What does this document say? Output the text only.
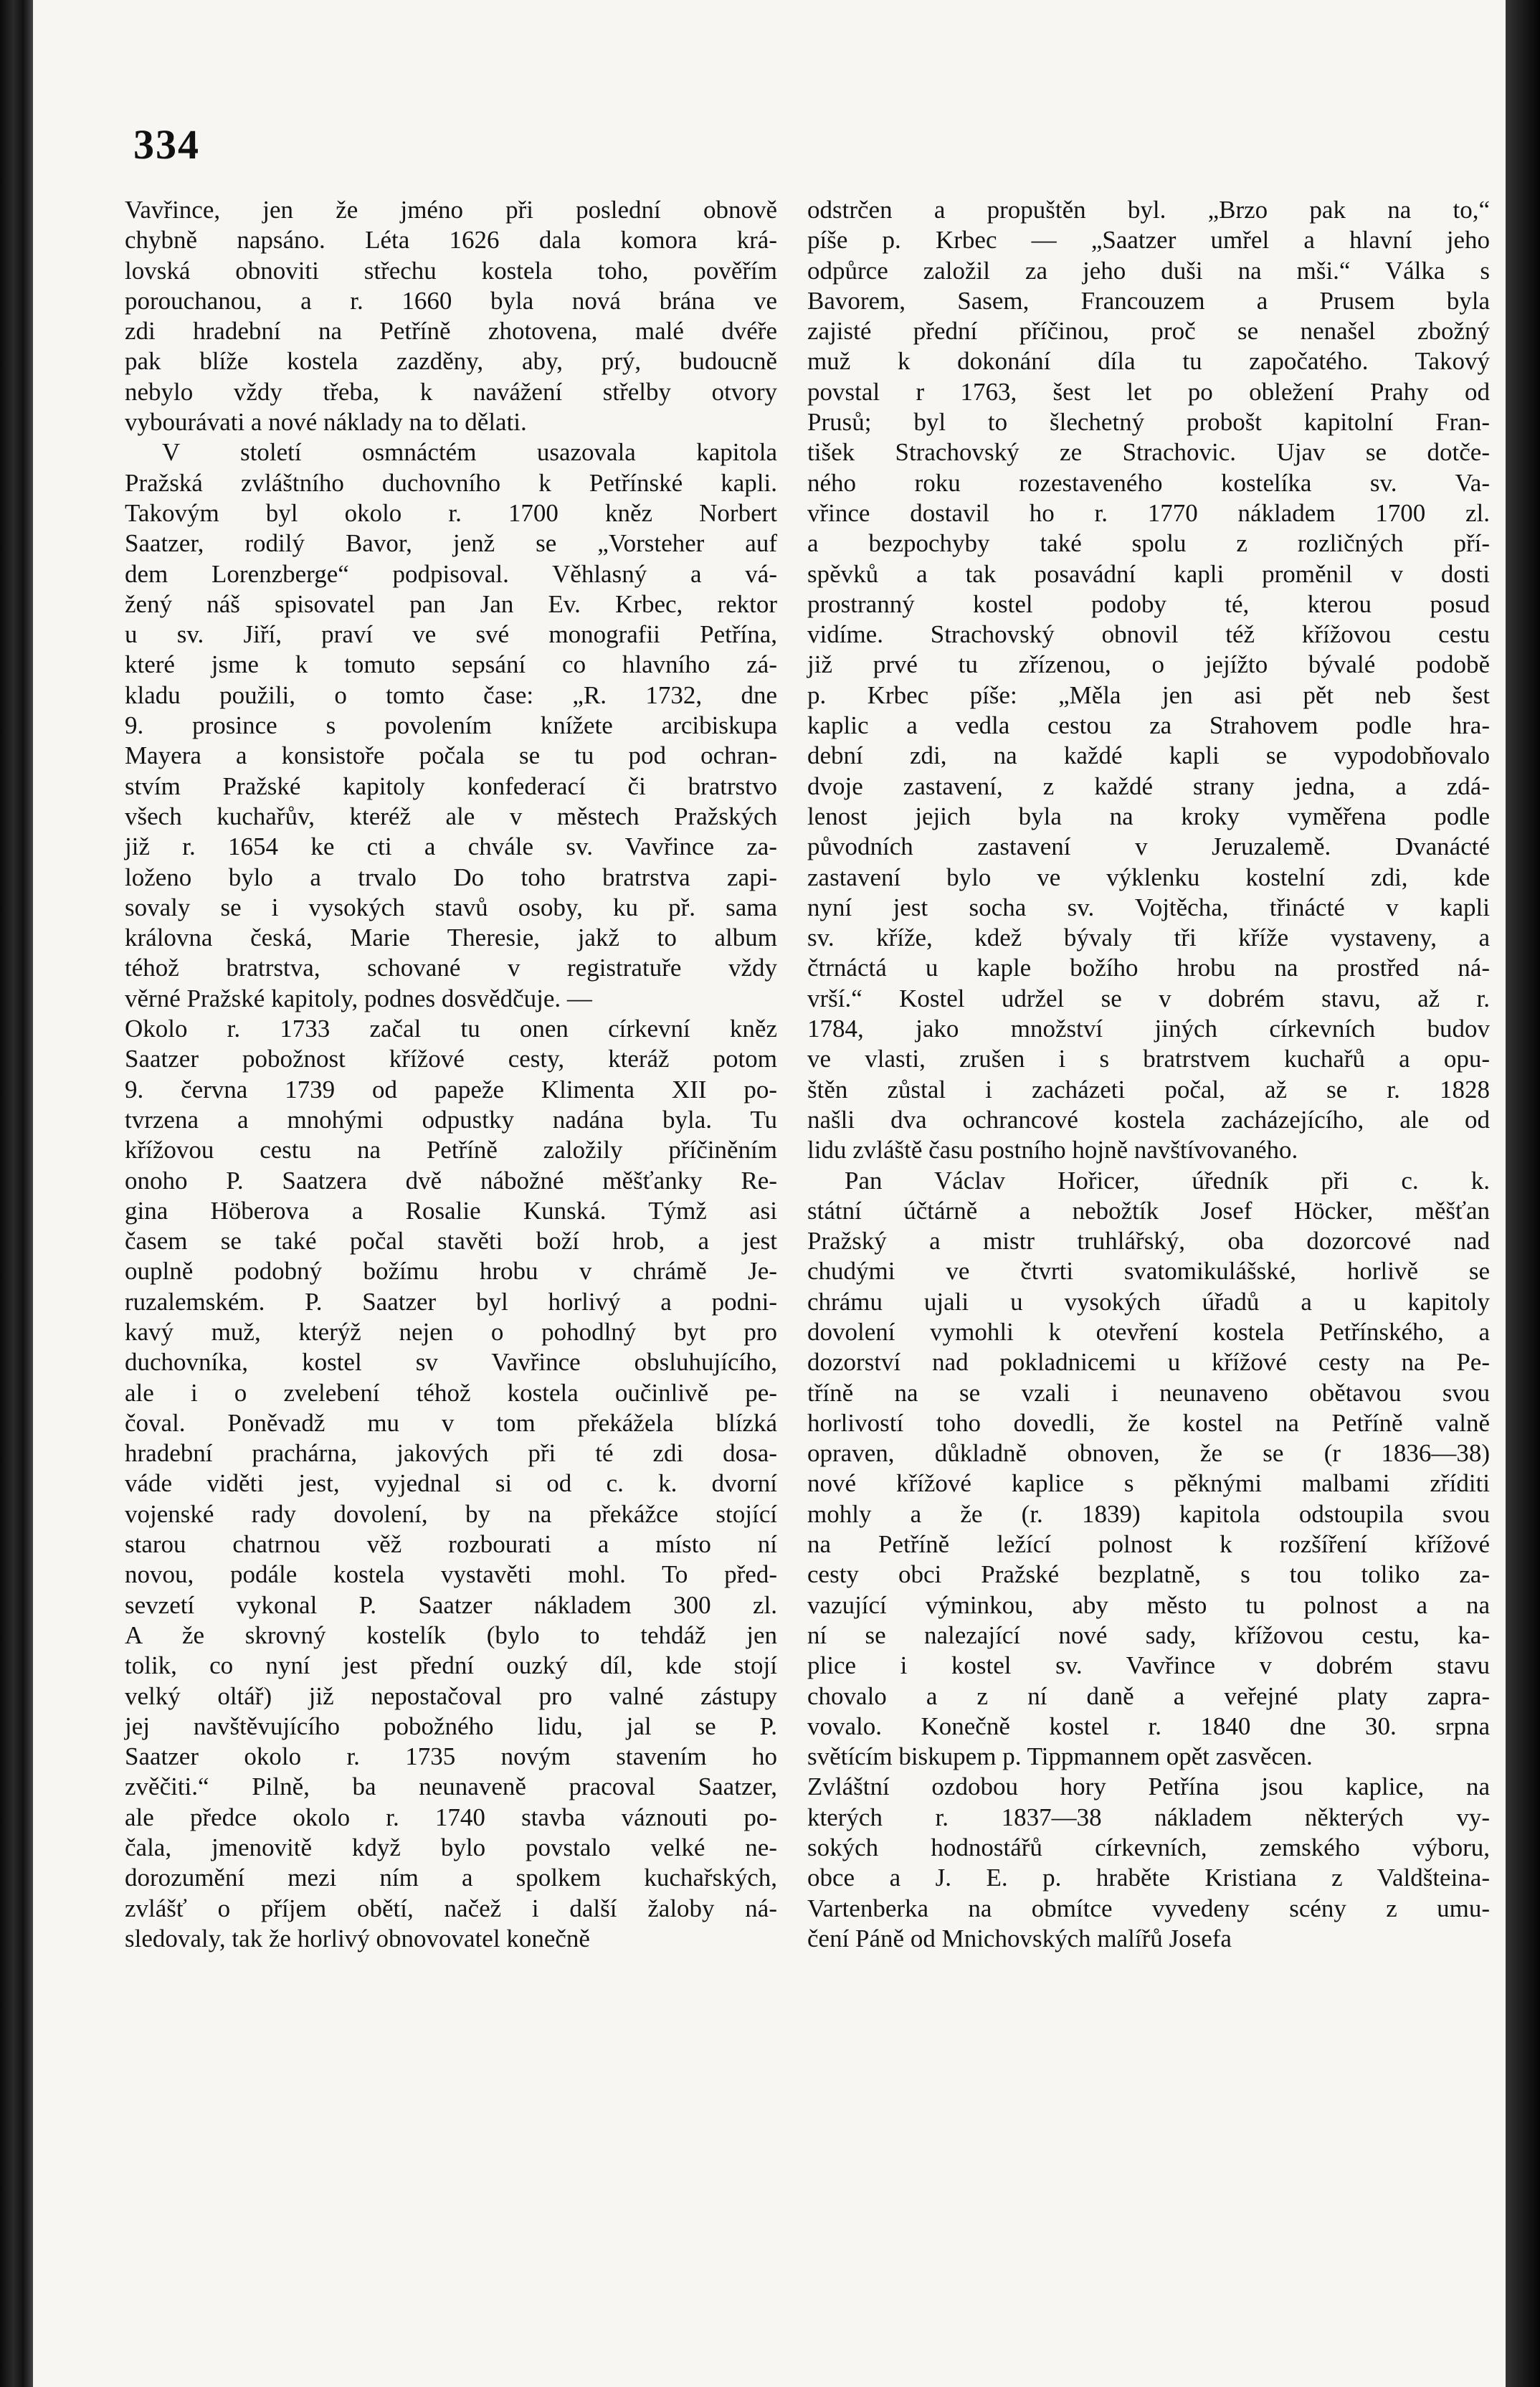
334
Vavřince, jen že jméno při poslední obnově
chybně napsáno. Léta 1626 dala komora krá-
lovská obnoviti střechu kostela toho, pověřím
porouchanou, a r. 1660 byla nová brána ve
zdi hradební na Petříně zhotovena, malé dvéře
pak blíže kostela zazděny, aby, prý, budoucně
nebylo vždy třeba, k navážení střelby otvory
vybourávati a nové náklady na to dělati.
V století osmnáctém usazovala kapitola
Pražská zvláštního duchovního k Petřínské kapli.
Takovým byl okolo r. 1700 kněz Norbert
Saatzer, rodilý Bavor, jenž se „Vorsteher auf
dem Lorenzberge“ podpisoval. Věhlasný a vá-
žený náš spisovatel pan Jan Ev. Krbec, rektor
u sv. Jiří, praví ve své monografii Petřína,
které jsme k tomuto sepsání co hlavního zá-
kladu použili, o tomto čase: „R. 1732, dne
9. prosince s povolením knížete arcibiskupa
Mayera a konsistoře počala se tu pod ochran-
stvím Pražské kapitoly konfederací či bratrstvo
všech kuchařův, kteréž ale v městech Pražských
již r. 1654 ke cti a chvále sv. Vavřince za-
loženo bylo a trvalo Do toho bratrstva zapi-
sovaly se i vysokých stavů osoby, ku př. sama
královna česká, Marie Theresie, jakž to album
téhož bratrstva, schované v registratuře vždy
věrné Pražské kapitoly, podnes dosvědčuje. —
Okolo r. 1733 začal tu onen církevní kněz
Saatzer pobožnost křížové cesty, kteráž potom
9. června 1739 od papeže Klimenta XII po-
tvrzena a mnohými odpustky nadána byla. Tu
křížovou cestu na Petříně založily příčiněním
onoho P. Saatzera dvě nábožné měšťanky Re-
gina Höberova a Rosalie Kunská. Týmž asi
časem se také počal stavěti boží hrob, a jest
ouplně podobný božímu hrobu v chrámě Je-
ruzalemském. P. Saatzer byl horlivý a podni-
kavý muž, kterýž nejen o pohodlný byt pro
duchovníka, kostel sv Vavřince obsluhujícího,
ale i o zvelebení téhož kostela oučinlivě pe-
čoval. Poněvadž mu v tom překážela blízká
hradební prachárna, jakových při té zdi dosa-
váde viděti jest, vyjednal si od c. k. dvorní
vojenské rady dovolení, by na překážce stojící
starou chatrnou věž rozbourati a místo ní
novou, podále kostela vystavěti mohl. To před-
sevzetí vykonal P. Saatzer nákladem 300 zl.
A že skrovný kostelík (bylo to tehdáž jen
tolik, co nyní jest přední ouzký díl, kde stojí
velký oltář) již nepostačoval pro valné zástupy
jej navštěvujícího pobožného lidu, jal se P.
Saatzer okolo r. 1735 novým stavením ho
zvěčiti.“ Pilně, ba neunaveně pracoval Saatzer,
ale předce okolo r. 1740 stavba váznouti po-
čala, jmenovitě když bylo povstalo velké ne-
dorozumění mezi ním a spolkem kuchařských,
zvlášť o příjem obětí, načež i další žaloby ná-
sledovaly, tak že horlivý obnovovatel konečně
odstrčen a propuštěn byl. „Brzo pak na to,“
píše p. Krbec — „Saatzer umřel a hlavní jeho
odpůrce založil za jeho duši na mši.“ Válka s
Bavorem, Sasem, Francouzem a Prusem byla
zajisté přední příčinou, proč se nenašel zbožný
muž k dokonání díla tu započatého. Takový
povstal r 1763, šest let po obležení Prahy od
Prusů; byl to šlechetný probošt kapitolní Fran-
tišek Strachovský ze Strachovic. Ujav se dotče-
ného roku rozestaveného kostelíka sv. Va-
vřince dostavil ho r. 1770 nákladem 1700 zl.
a bezpochyby také spolu z rozličných pří-
spěvků a tak posavádní kapli proměnil v dosti
prostranný kostel podoby té, kterou posud
vidíme. Strachovský obnovil též křížovou cestu
již prvé tu zřízenou, o jejížto bývalé podobě
p. Krbec píše: „Měla jen asi pět neb šest
kaplic a vedla cestou za Strahovem podle hra-
dební zdi, na každé kapli se vypodobňovalo
dvoje zastavení, z každé strany jedna, a zdá-
lenost jejich byla na kroky vyměřena podle
původních zastavení v Jeruzalemě. Dvanácté
zastavení bylo ve výklenku kostelní zdi, kde
nyní jest socha sv. Vojtěcha, třinácté v kapli
sv. kříže, kdež bývaly tři kříže vystaveny, a
čtrnáctá u kaple božího hrobu na prostřed ná-
vrší.“ Kostel udržel se v dobrém stavu, až r.
1784, jako množství jiných církevních budov
ve vlasti, zrušen i s bratrstvem kuchařů a opu-
štěn zůstal i zacházeti počal, až se r. 1828
našli dva ochrancové kostela zacházejícího, ale od
lidu zvláště času postního hojně navštívovaného.
Pan Václav Hořicer, úředník při c. k.
státní účtárně a nebožtík Josef Höcker, měšťan
Pražský a mistr truhlářský, oba dozorcové nad
chudými ve čtvrti svatomikulášské, horlivě se
chrámu ujali u vysokých úřadů a u kapitoly
dovolení vymohli k otevření kostela Petřínského, a
dozorství nad pokladnicemi u křížové cesty na Pe-
tříně na se vzali i neunaveno obětavou svou
horlivostí toho dovedli, že kostel na Petříně valně
opraven, důkladně obnoven, že se (r 1836—38)
nové křížové kaplice s pěknými malbami zříditi
mohly a že (r. 1839) kapitola odstoupila svou
na Petříně ležící polnost k rozšíření křížové
cesty obci Pražské bezplatně, s tou toliko za-
vazující výminkou, aby město tu polnost a na
ní se nalezající nové sady, křížovou cestu, ka-
plice i kostel sv. Vavřince v dobrém stavu
chovalo a z ní daně a veřejné platy zapra-
vovalo. Konečně kostel r. 1840 dne 30. srpna
světícím biskupem p. Tippmannem opět zasvěcen.
Zvláštní ozdobou hory Petřína jsou kaplice, na
kterých r. 1837—38 nákladem některých vy-
sokých hodnostářů církevních, zemského výboru,
obce a J. E. p. hraběte Kristiana z Valdšteina-
Vartenberka na obmítce vyvedeny scény z umu-
čení Páně od Mnichovských malířů Josefa
